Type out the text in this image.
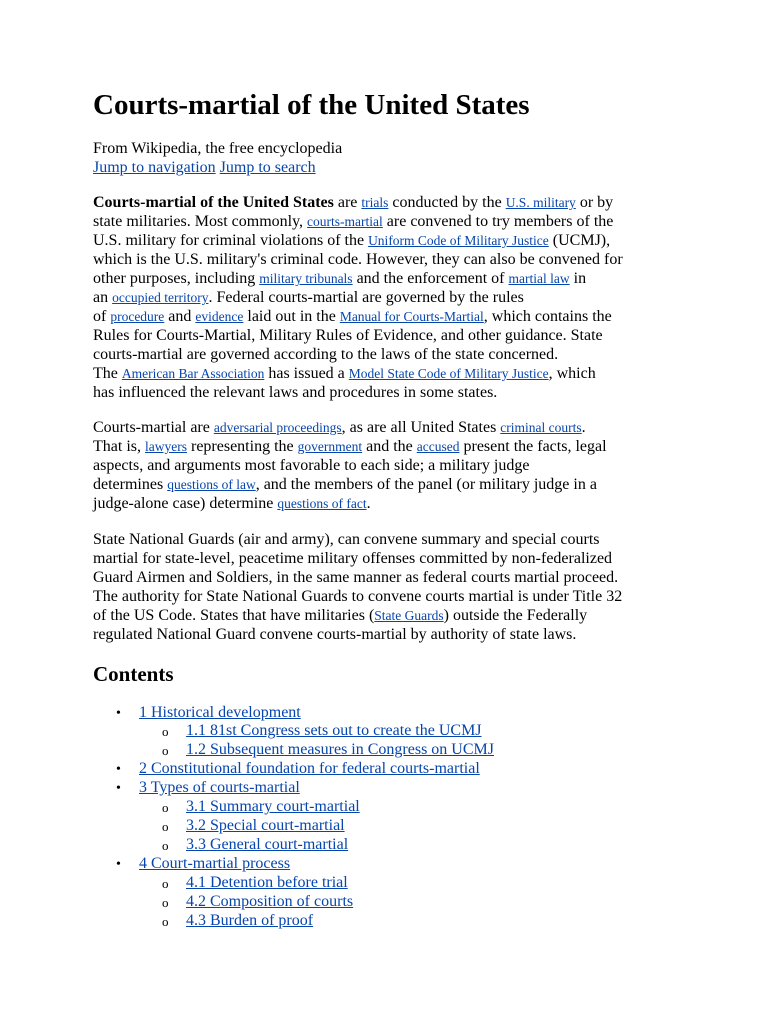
Courts-martial of the United States
From Wikipedia, the free encyclopedia
Jump to navigation Jump to search
Courts-martial of the United States are trials conducted by the U.S. military or by
state militaries. Most commonly, courts-martial are convened to try members of the
U.S. military for criminal violations of the Uniform Code of Military Justice (UCMJ),
which is the U.S. military's criminal code. However, they can also be convened for
other purposes, including military tribunals and the enforcement of martial law in
an occupied territory. Federal courts-martial are governed by the rules
of procedure and evidence laid out in the Manual for Courts-Martial, which contains the
Rules for Courts-Martial, Military Rules of Evidence, and other guidance. State
courts-martial are governed according to the laws of the state concerned.
The American Bar Association has issued a Model State Code of Military Justice, which
has influenced the relevant laws and procedures in some states.
Courts-martial are adversarial proceedings, as are all United States criminal courts.
That is, lawyers representing the government and the accused present the facts, legal
aspects, and arguments most favorable to each side; a military judge
determines questions of law, and the members of the panel (or military judge in a
judge-alone case) determine questions of fact.
State National Guards (air and army), can convene summary and special courts
martial for state-level, peacetime military offenses committed by non-federalized
Guard Airmen and Soldiers, in the same manner as federal courts martial proceed.
The authority for State National Guards to convene courts martial is under Title 32
of the US Code. States that have militaries (State Guards) outside the Federally
regulated National Guard convene courts-martial by authority of state laws.
Contents
• 1 Historical development
o 1.1 81st Congress sets out to create the UCMJ
o 1.2 Subsequent measures in Congress on UCMJ
• 2 Constitutional foundation for federal courts-martial
• 3 Types of courts-martial
o 3.1 Summary court-martial
o 3.2 Special court-martial
o 3.3 General court-martial
• 4 Court-martial process
o 4.1 Detention before trial
o 4.2 Composition of courts
o 4.3 Burden of proof
